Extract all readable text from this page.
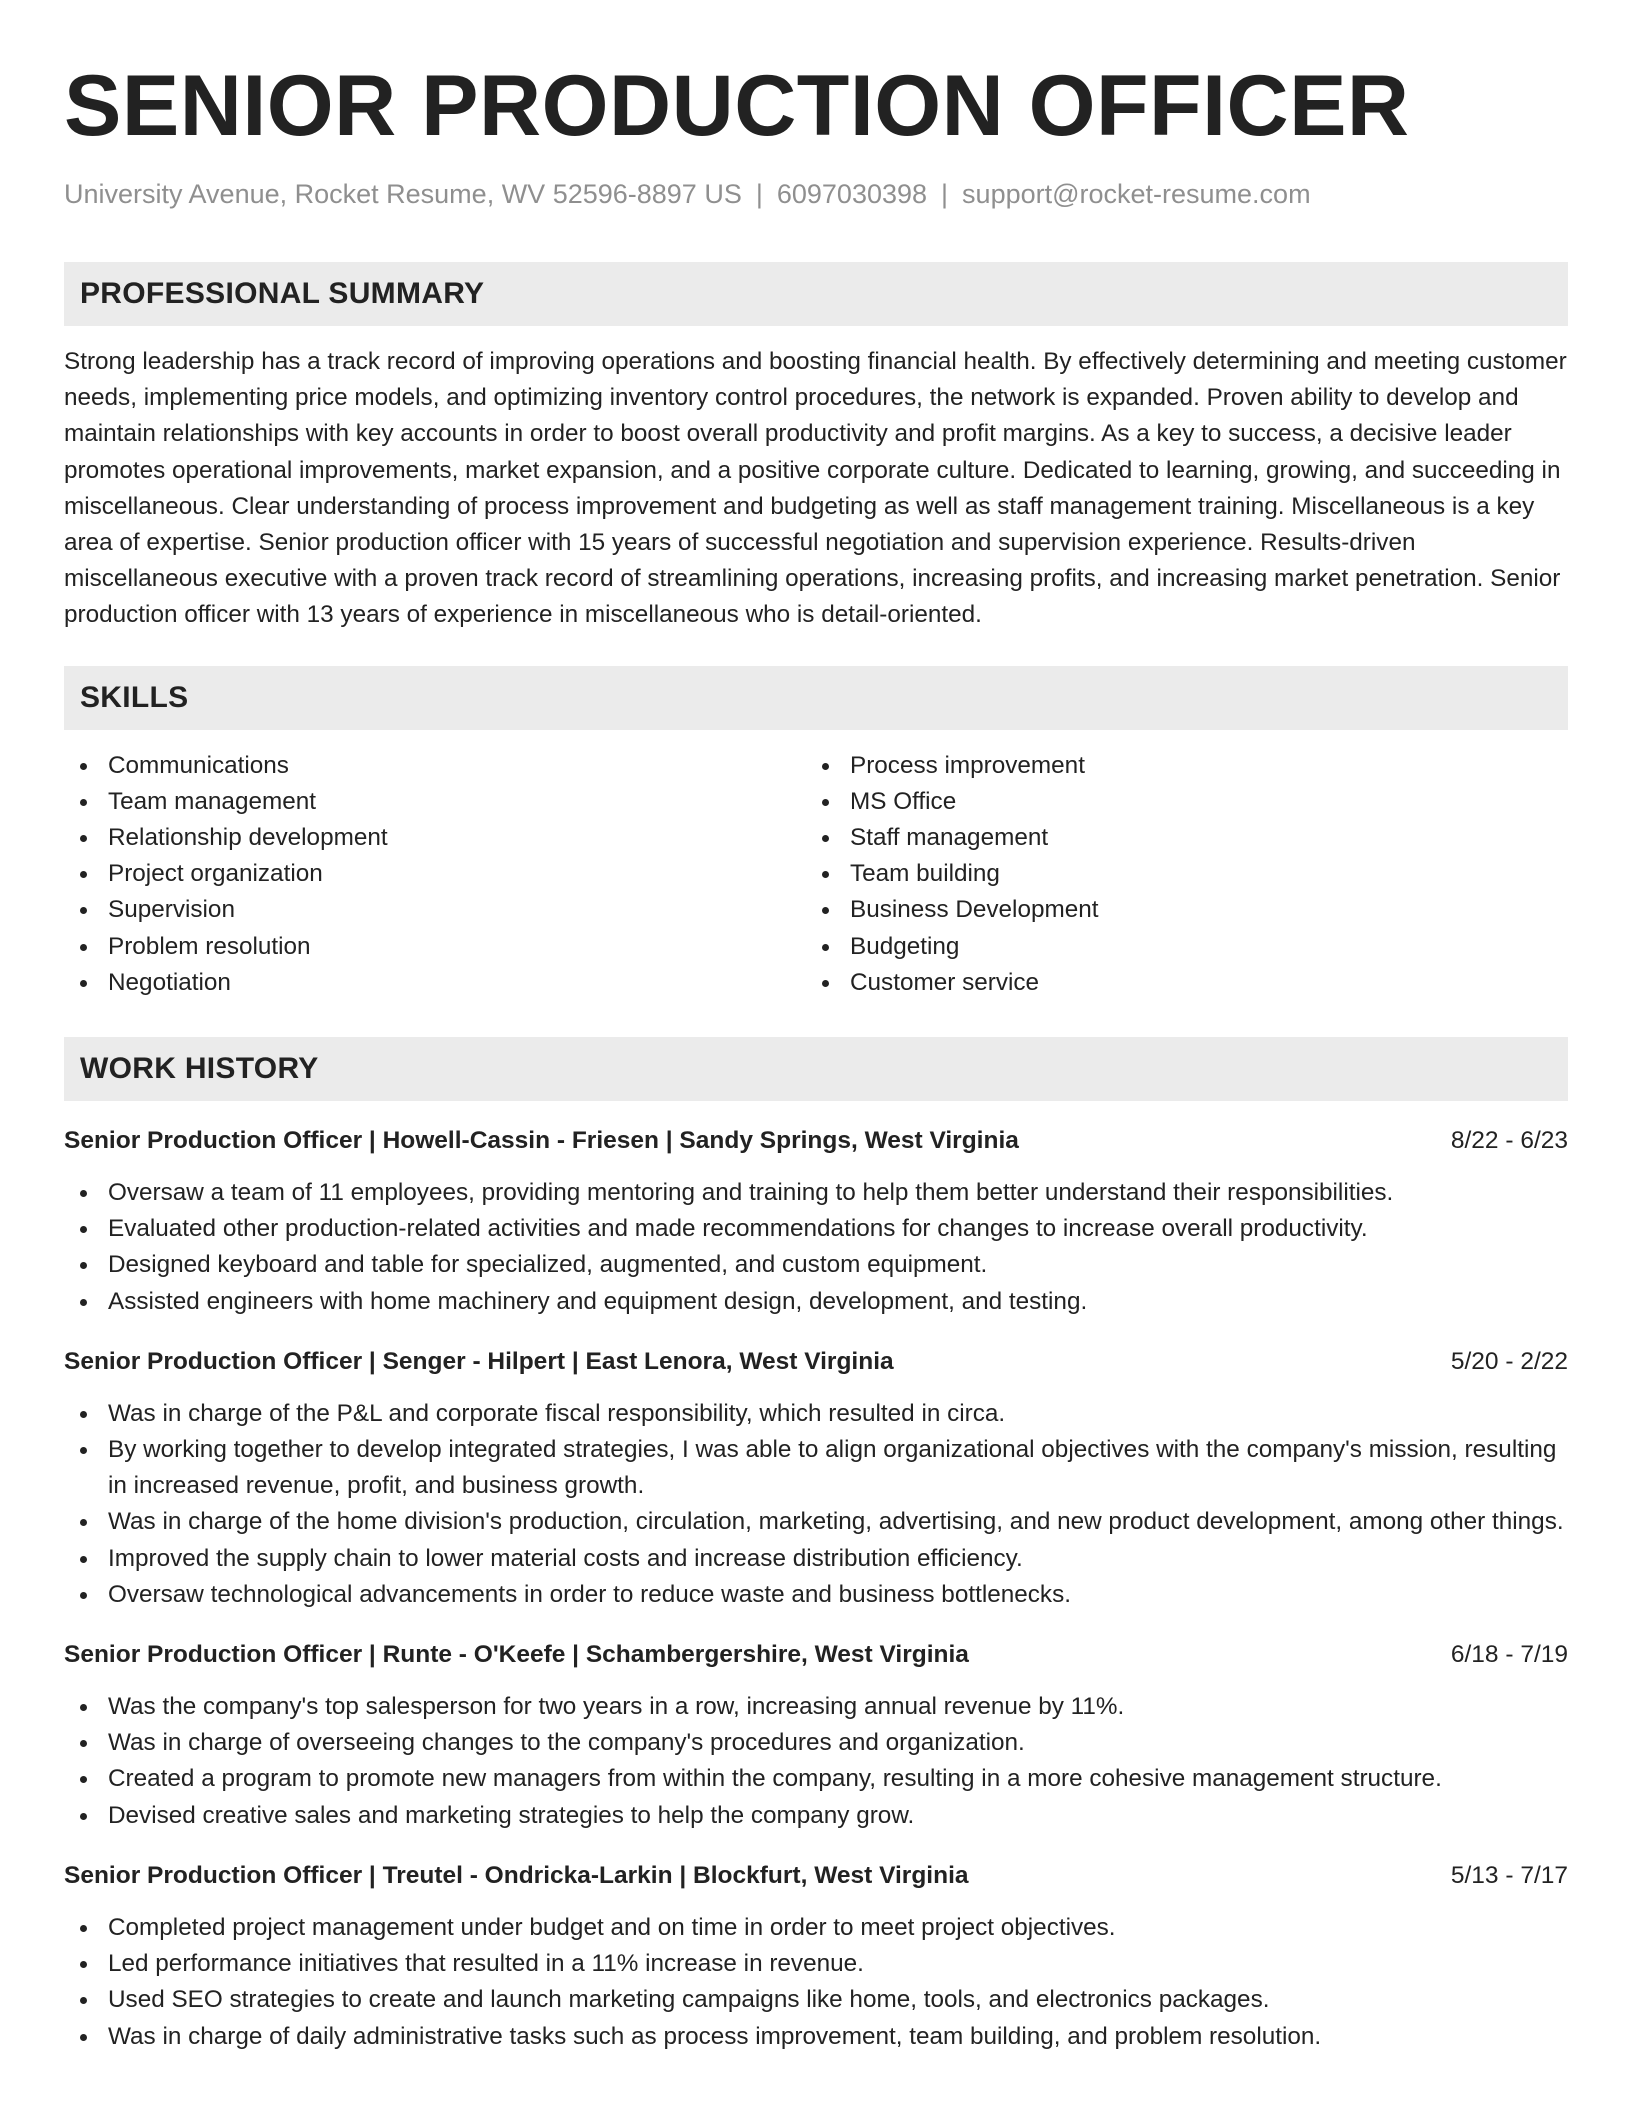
SENIOR PRODUCTION OFFICER
University Avenue, Rocket Resume, WV 52596-8897 US | 6097030398 | support@rocket-resume.com
PROFESSIONAL SUMMARY

Strong leadership has a track record of improving operations and boosting financial health. By effectively determining and meeting customer needs, implementing price models, and optimizing inventory control procedures, the network is expanded. Proven ability to develop and maintain relationships with key accounts in order to boost overall productivity and profit margins. As a key to success, a decisive leader promotes operational improvements, market expansion, and a positive corporate culture. Dedicated to learning, growing, and succeeding in miscellaneous. Clear understanding of process improvement and budgeting as well as staff management training. Miscellaneous is a key area of expertise. Senior production officer with 15 years of successful negotiation and supervision experience. Results-driven miscellaneous executive with a proven track record of streamlining operations, increasing profits, and increasing market penetration. Senior production officer with 13 years of experience in miscellaneous who is detail-oriented.

SKILLS
Communications
Team management
Relationship development
Project organization
Supervision
Problem resolution
Negotiation
Process improvement
MS Office
Staff management
Team building
Business Development
Budgeting
Customer service
WORK HISTORY
Senior Production Officer | Howell-Cassin - Friesen | Sandy Springs, West Virginia	8/22 - 6/23
Oversaw a team of 11 employees, providing mentoring and training to help them better understand their responsibilities.
Evaluated other production-related activities and made recommendations for changes to increase overall productivity.
Designed keyboard and table for specialized, augmented, and custom equipment.
Assisted engineers with home machinery and equipment design, development, and testing.
Senior Production Officer | Senger - Hilpert | East Lenora, West Virginia	5/20 - 2/22
Was in charge of the P&L and corporate fiscal responsibility, which resulted in circa.
By working together to develop integrated strategies, I was able to align organizational objectives with the company's mission, resulting in increased revenue, profit, and business growth.
Was in charge of the home division's production, circulation, marketing, advertising, and new product development, among other things.
Improved the supply chain to lower material costs and increase distribution efficiency.
Oversaw technological advancements in order to reduce waste and business bottlenecks.
Senior Production Officer | Runte - O'Keefe | Schambergershire, West Virginia	6/18 - 7/19
Was the company's top salesperson for two years in a row, increasing annual revenue by 11%.
Was in charge of overseeing changes to the company's procedures and organization.
Created a program to promote new managers from within the company, resulting in a more cohesive management structure.
Devised creative sales and marketing strategies to help the company grow.
Senior Production Officer | Treutel - Ondricka-Larkin | Blockfurt, West Virginia	5/13 - 7/17
Completed project management under budget and on time in order to meet project objectives.
Led performance initiatives that resulted in a 11% increase in revenue.
Used SEO strategies to create and launch marketing campaigns like home, tools, and electronics packages.
Was in charge of daily administrative tasks such as process improvement, team building, and problem resolution.
